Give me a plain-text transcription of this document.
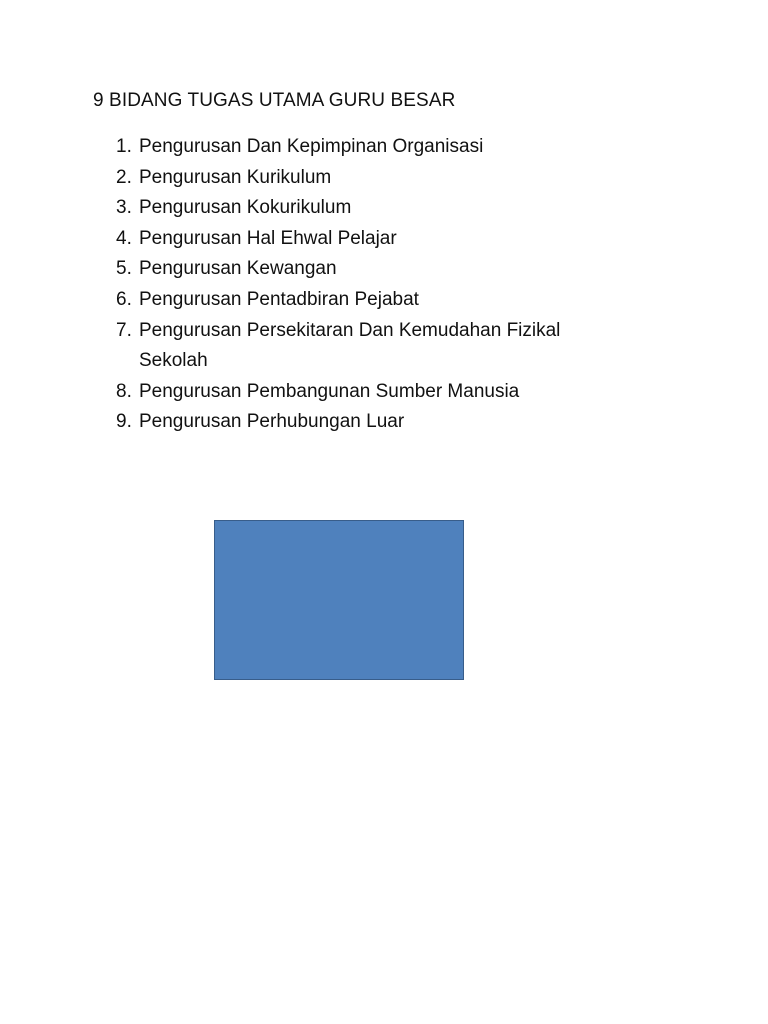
9 BIDANG TUGAS UTAMA GURU BESAR
1. Pengurusan Dan Kepimpinan Organisasi
2. Pengurusan Kurikulum
3. Pengurusan Kokurikulum
4. Pengurusan Hal Ehwal Pelajar
5. Pengurusan Kewangan
6. Pengurusan Pentadbiran Pejabat
7. Pengurusan Persekitaran Dan Kemudahan Fizikal
Sekolah
8. Pengurusan Pembangunan Sumber Manusia
9. Pengurusan Perhubungan Luar
